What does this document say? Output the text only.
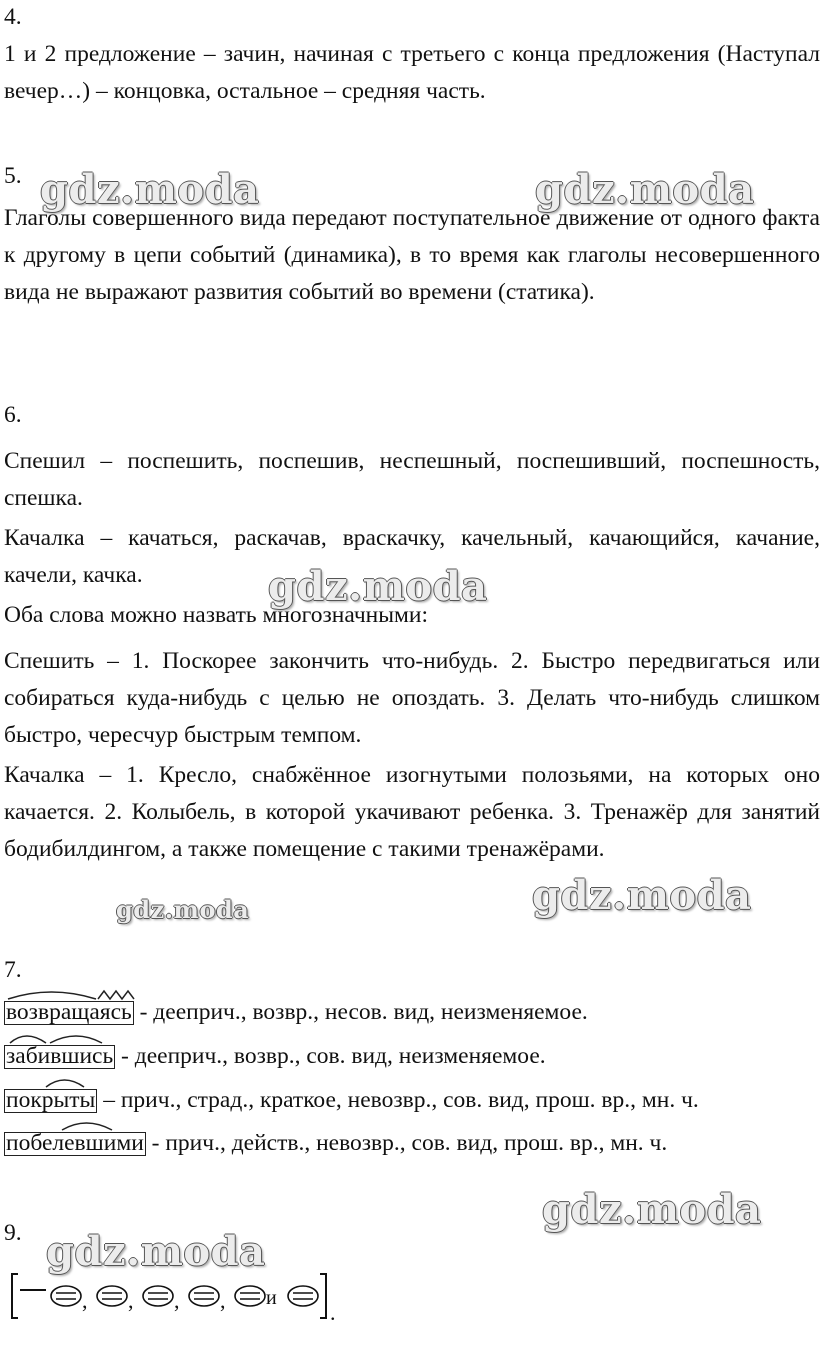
4.

1 и 2 предложение – зачин, начиная с третьего с конца предложения (Наступал вечер…) – концовка, остальное – средняя часть.

5.

Глаголы совершенного вида передают поступательное движение от одного факта к другому в цепи событий (динамика), в то время как глаголы несовершенного вида не выражают развития событий во времени (статика).

6.

Спешил – поспешить, поспешив, неспешный, поспешивший, поспешность, спешка.

Качалка – качаться, раскачав, враскачку, качельный, качающийся, качание, качели, качка.

Оба слова можно назвать многозначными:

Спешить – 1. Поскорее закончить что-нибудь. 2. Быстро передвигаться или собираться куда-нибудь с целью не опоздать. 3. Делать что-нибудь слишком быстро, чересчур быстрым темпом.

Качалка – 1. Кресло, снабжённое изогнутыми полозьями, на которых оно качается. 2. Колыбель, в которой укачивают ребенка. 3. Тренажёр для занятий бодибилдингом, а также помещение с такими тренажёрами.

7.
возвращаясь
- дееприч., возвр., несов. вид, неизменяемое.
забившись
- дееприч., возвр., сов. вид, неизменяемое.
покрыты
– прич., страд., краткое, невозвр., сов. вид, прош. вр., мн. ч.
побелевшими
- прич., действ., невозвр., сов. вид, прош. вр., мн. ч.
9.
, , , , и
.
gdz.moda	gdz.moda
gdz.moda
gdz.moda
gdz.moda
gdz.moda
gdz.moda
